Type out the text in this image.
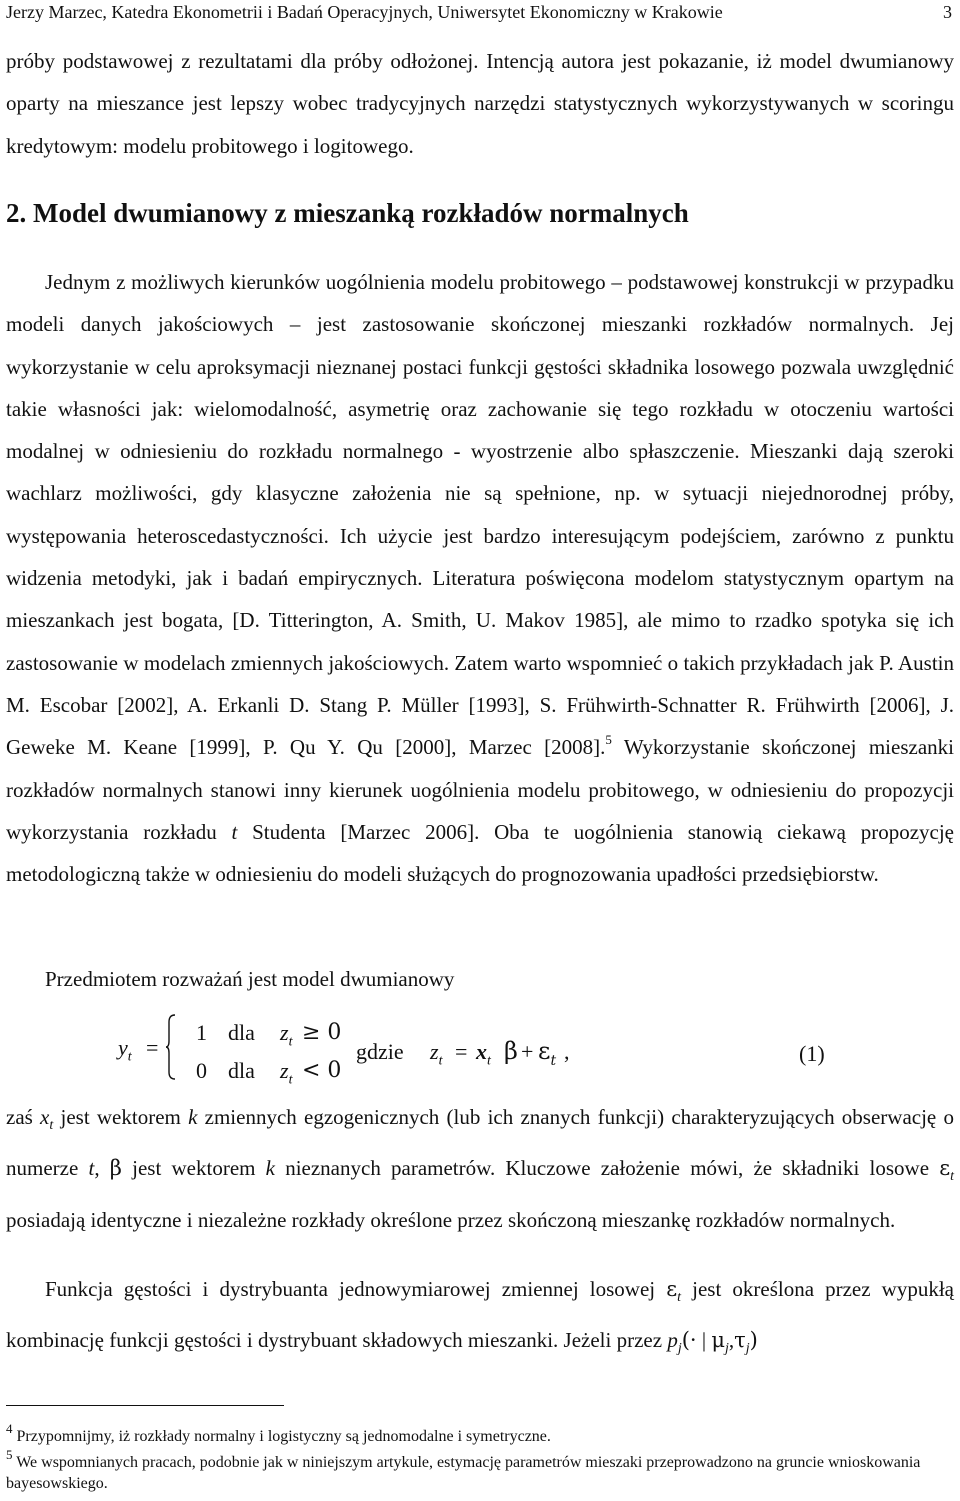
Jerzy Marzec, Katedra Ekonometrii i Badań Operacyjnych, Uniwersytet Ekonomiczny w Krakowie	3

próby podstawowej z rezultatami dla próby odłożonej. Intencją autora jest pokazanie, iż model dwumianowy oparty na mieszance jest lepszy wobec tradycyjnych narzędzi statystycznych wykorzystywanych w scoringu kredytowym: modelu probitowego i logitowego.

2. Model dwumianowy z mieszanką rozkładów normalnych

Jednym z możliwych kierunków uogólnienia modelu probitowego – podstawowej konstrukcji w przypadku modeli danych jakościowych – jest zastosowanie skończonej mieszanki rozkładów normalnych. Jej wykorzystanie w celu aproksymacji nieznanej postaci funkcji gęstości składnika losowego pozwala uwzględnić takie własności jak: wielomodalność, asymetrię oraz zachowanie się tego rozkładu w otoczeniu wartości modalnej w odniesieniu do rozkładu normalnego - wyostrzenie albo spłaszczenie. Mieszanki dają szeroki wachlarz możliwości, gdy klasyczne założenia nie są spełnione, np. w sytuacji niejednorodnej próby, występowania heteroscedastyczności. Ich użycie jest bardzo interesującym podejściem, zarówno z punktu widzenia metodyki, jak i badań empirycznych. Literatura poświęcona modelom statystycznym opartym na mieszankach jest bogata, [D. Titterington, A. Smith, U. Makov 1985], ale mimo to rzadko spotyka się ich zastosowanie w modelach zmiennych jakościowych. Zatem warto wspomnieć o takich przykładach jak P. Austin M. Escobar [2002], A. Erkanli D. Stang P. Müller [1993], S. Frühwirth-Schnatter R. Frühwirth [2006], J. Geweke M. Keane [1999], P. Qu Y. Qu [2000], Marzec [2008].$^5$ Wykorzystanie skończonej mieszanki rozkładów normalnych stanowi inny kierunek uogólnienia modelu probitowego, w odniesieniu do propozycji wykorzystania rozkładu t Studenta [Marzec 2006]. Oba te uogólnienia stanowią ciekawą propozycję metodologiczną także w odniesieniu do modeli służących do prognozowania upadłości przedsiębiorstw.

Przedmiotem rozważań jest model dwumianowy

$y_t$ =
1 dla $z_t \ge 0$
0 dla $z_t < 0$
gdzie $z_t = x_t$ $\beta + \varepsilon_t$ ,	(1)

zaś $x_t$ jest wektorem k zmiennych egzogenicznych (lub ich znanych funkcji) charakteryzujących obserwację o numerze t, β jest wektorem k nieznanych parametrów. Kluczowe założenie mówi, że składniki losowe $\varepsilon_t$ posiadają identyczne i niezależne rozkłady określone przez skończoną mieszankę rozkładów normalnych.

Funkcja gęstości i dystrybuanta jednowymiarowej zmiennej losowej $\varepsilon_t$ jest określona przez wypukłą kombinację funkcji gęstości i dystrybuant składowych mieszanki. Jeżeli przez $p_j(\cdot$ | $\mu_j,\tau_j$)

$^4$ Przypomnijmy, iż rozkłady normalny i logistyczny są jednomodalne i symetryczne.

$^5$ We wspomnianych pracach, podobnie jak w niniejszym artykule, estymację parametrów mieszaki przeprowadzono na gruncie wnioskowania bayesowskiego.
